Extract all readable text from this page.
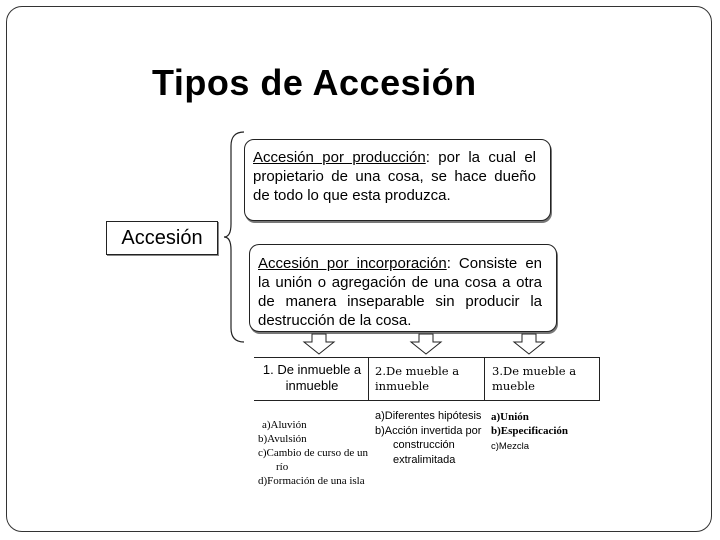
Tipos de Accesión
Accesión
Accesión por producción: por la cual el propietario de una cosa, se hace dueño de todo lo que esta produzca.
Accesión por incorporación: Consiste en la unión o agregación de una cosa a otra de manera inseparable sin producir la destrucción de la cosa.
1. De inmueble a inmueble
2.De mueble a inmueble
3.De mueble a mueble
a)Aluvión
b)Avulsión
c)Cambio de curso de un río
d)Formación de una isla
a)Diferentes hipótesis
b)Acción invertida por construcción extralimitada
a)Unión
b)Especificación
c)Mezcla
